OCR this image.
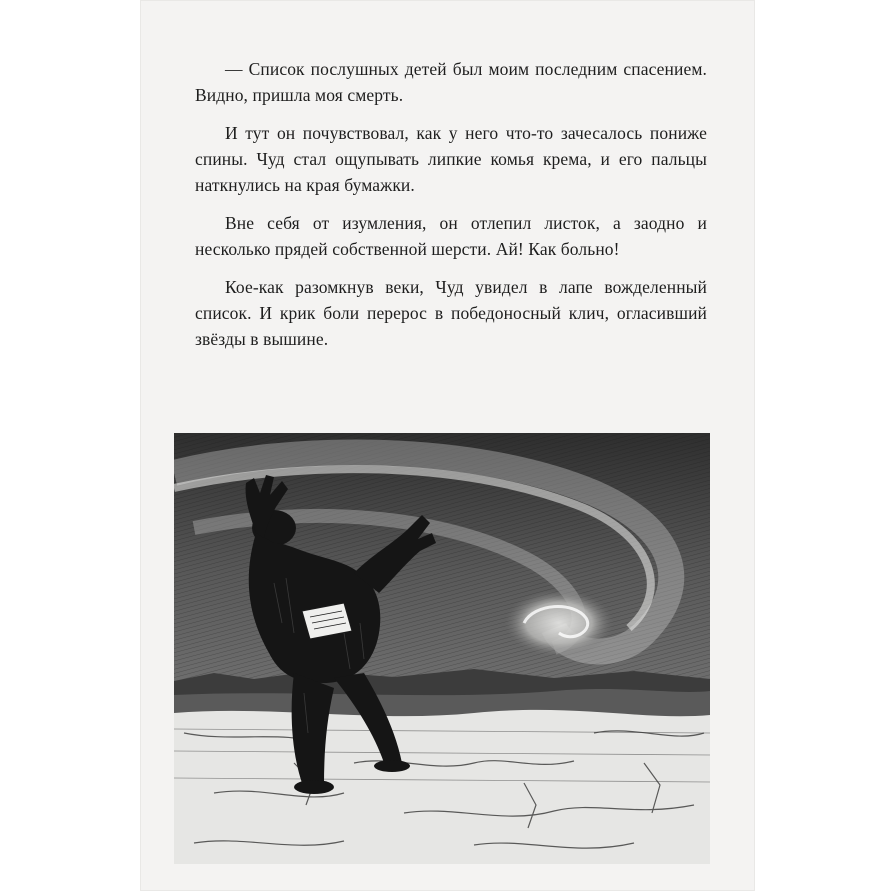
— Список послушных детей был моим последним спасением. Видно, пришла моя смерть.

И тут он почувствовал, как у него что-то зачесалось пониже спины. Чуд стал ощупывать липкие комья крема, и его пальцы наткнулись на края бумажки.

Вне себя от изумления, он отлепил листок, а заодно и несколько прядей собственной шерсти. Ай! Как больно!

Кое-как разомкнув веки, Чуд увидел в лапе вожделенный список. И крик боли перерос в победоносный клич, огласивший звёзды в вышине.
